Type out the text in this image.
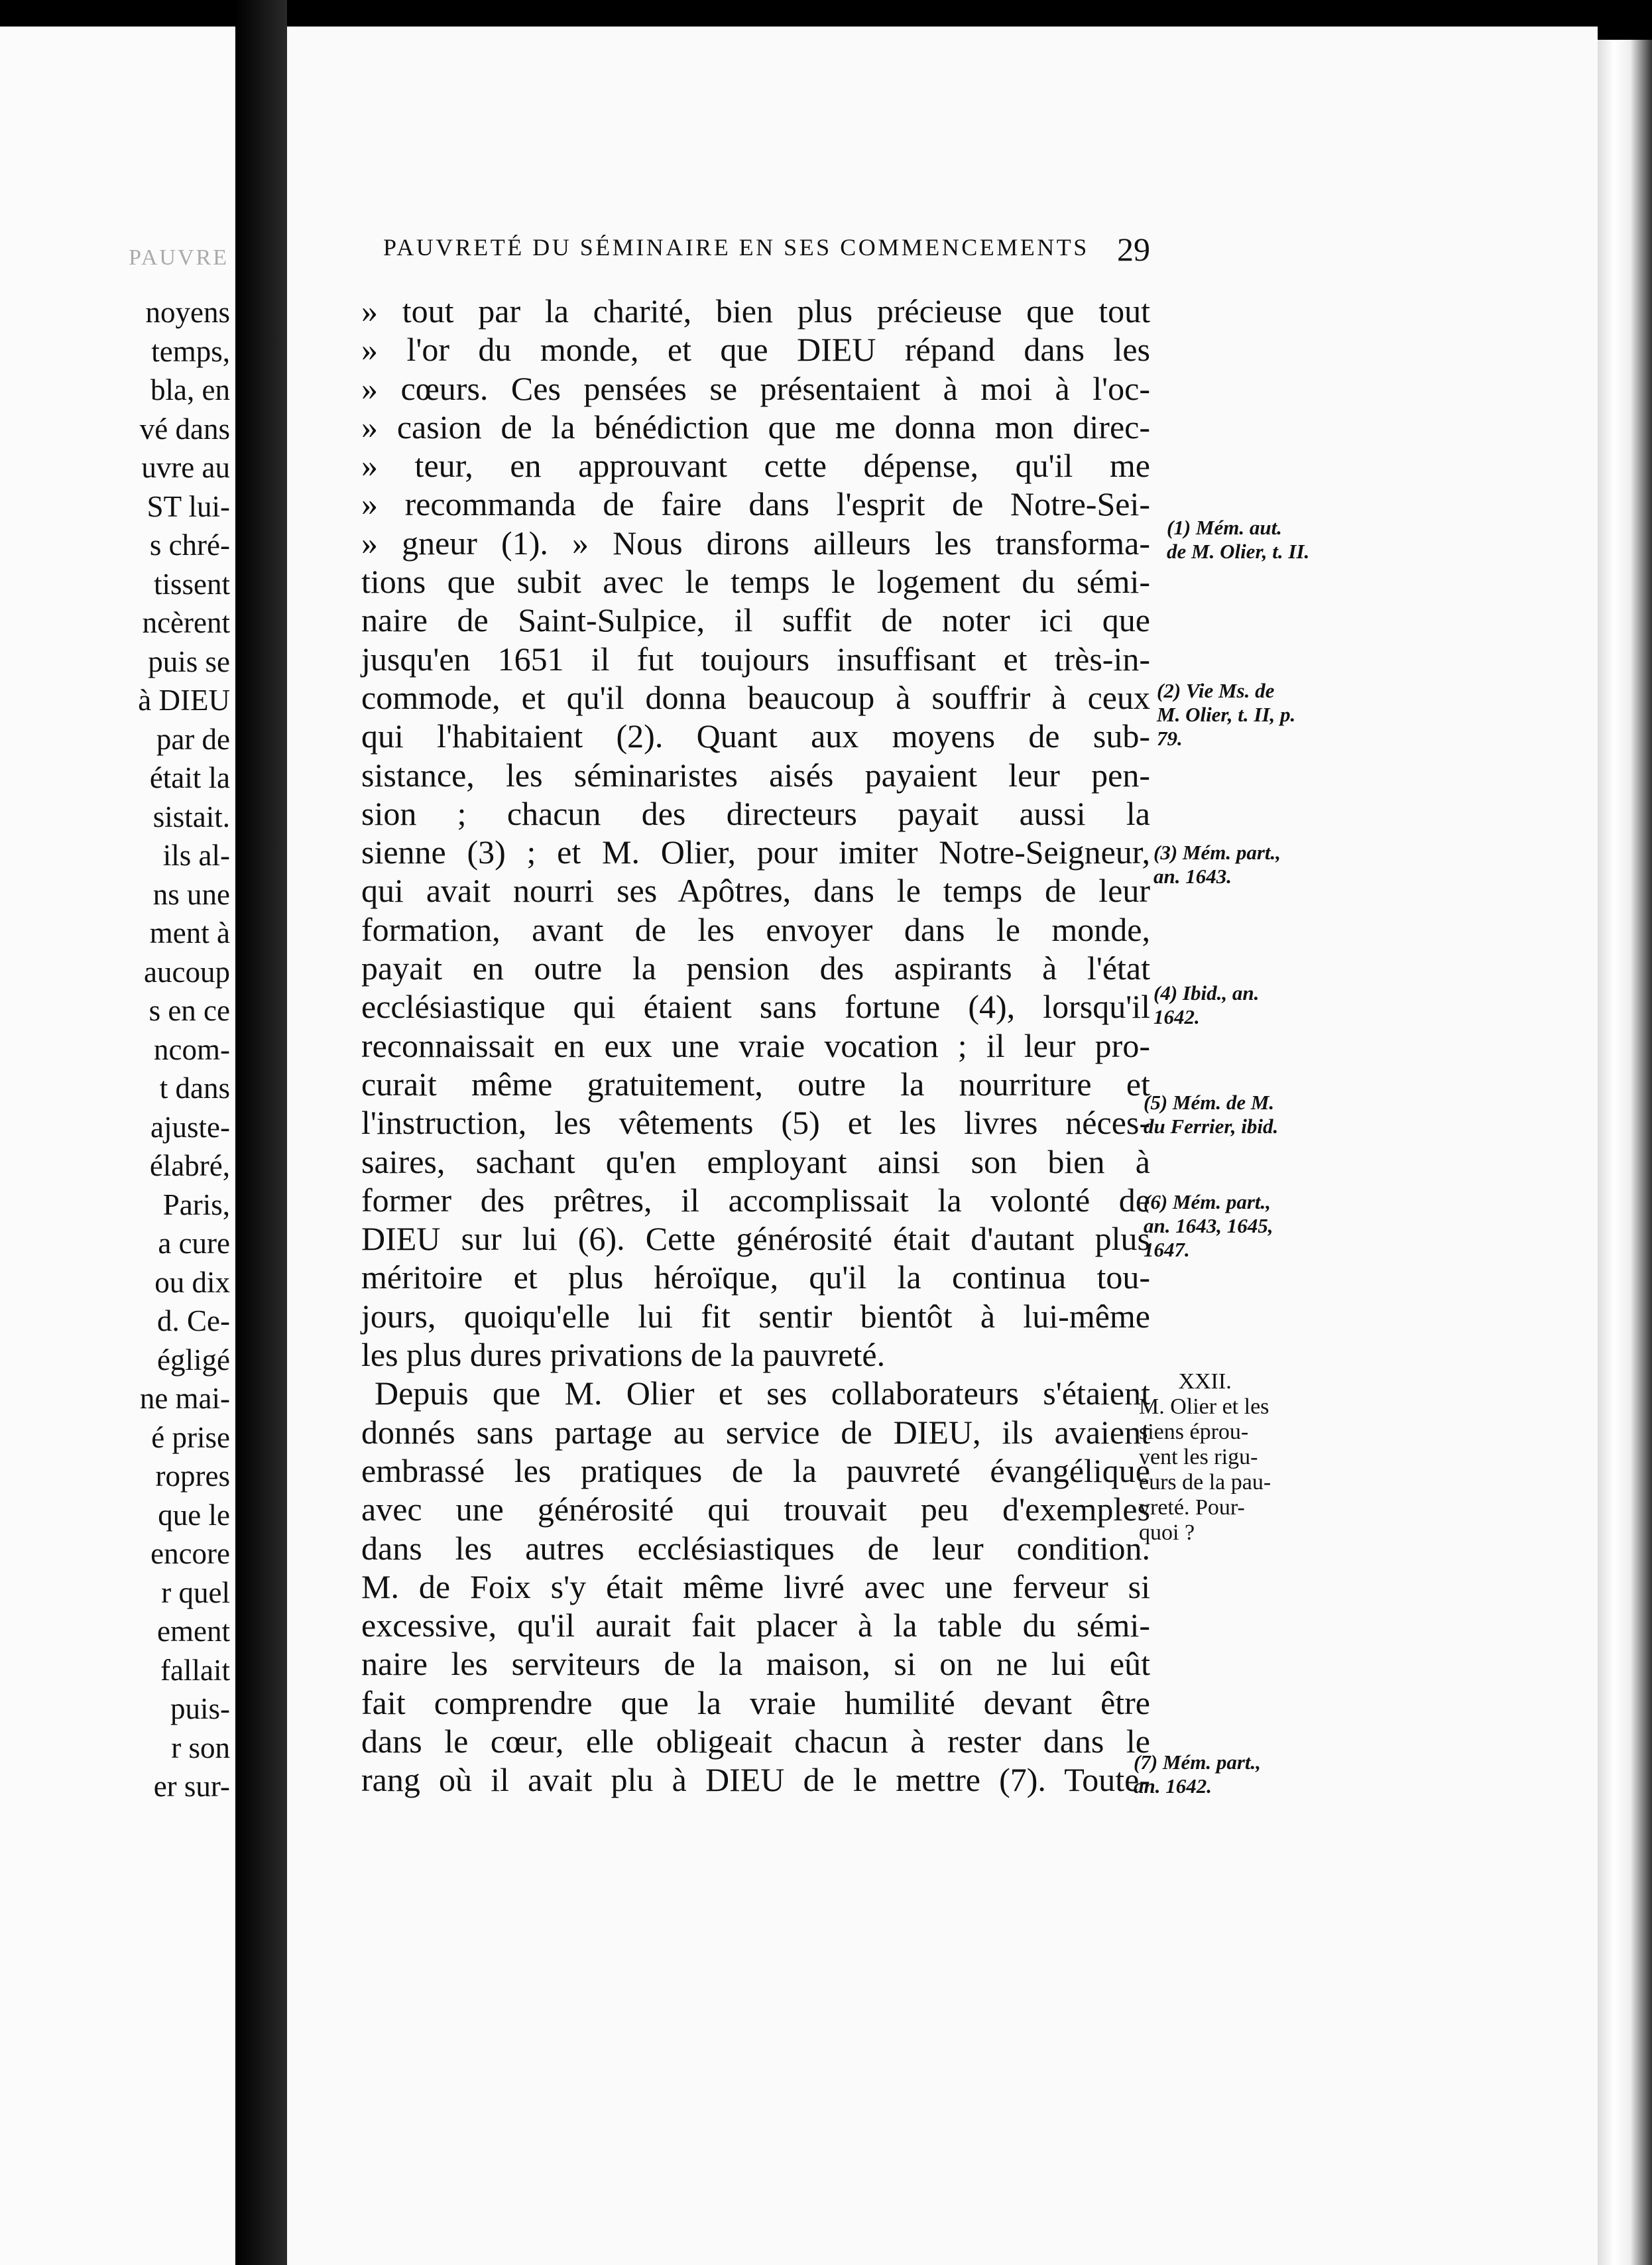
PAUVRE
noyens
temps,
bla, en
vé dans
uvre au
ST lui-
s chré-
tissent
ncèrent
puis se
à DIEU
par de
était la
sistait.
ils al-
ns une
ment à
aucoup
s en ce
ncom-
t dans
ajuste-
élabré,
Paris,
a cure
ou dix
d. Ce-
égligé
ne mai-
é prise
ropres
que le
encore
r quel
ement
fallait
puis-
r son
er sur-
PAUVRETÉ DU SÉMINAIRE EN SES COMMENCEMENTS 29
» tout par la charité, bien plus précieuse que tout
» l'or du monde, et que DIEU répand dans les
» cœurs. Ces pensées se présentaient à moi à l'oc-
» casion de la bénédiction que me donna mon direc-
» teur, en approuvant cette dépense, qu'il me
» recommanda de faire dans l'esprit de Notre-Sei-
» gneur (1). » Nous dirons ailleurs les transforma-
tions que subit avec le temps le logement du sémi-
naire de Saint-Sulpice, il suffit de noter ici que
jusqu'en 1651 il fut toujours insuffisant et très-in-
commode, et qu'il donna beaucoup à souffrir à ceux
qui l'habitaient (2). Quant aux moyens de sub-
sistance, les séminaristes aisés payaient leur pen-
sion ; chacun des directeurs payait aussi la
sienne (3) ; et M. Olier, pour imiter Notre-Seigneur,
qui avait nourri ses Apôtres, dans le temps de leur
formation, avant de les envoyer dans le monde,
payait en outre la pension des aspirants à l'état
ecclésiastique qui étaient sans fortune (4), lorsqu'il
reconnaissait en eux une vraie vocation ; il leur pro-
curait même gratuitement, outre la nourriture et
l'instruction, les vêtements (5) et les livres néces-
saires, sachant qu'en employant ainsi son bien à
former des prêtres, il accomplissait la volonté de
DIEU sur lui (6). Cette générosité était d'autant plus
méritoire et plus héroïque, qu'il la continua tou-
jours, quoiqu'elle lui fit sentir bientôt à lui-même
les plus dures privations de la pauvreté.
Depuis que M. Olier et ses collaborateurs s'étaient
donnés sans partage au service de DIEU, ils avaient
embrassé les pratiques de la pauvreté évangélique
avec une générosité qui trouvait peu d'exemples
dans les autres ecclésiastiques de leur condition.
M. de Foix s'y était même livré avec une ferveur si
excessive, qu'il aurait fait placer à la table du sémi-
naire les serviteurs de la maison, si on ne lui eût
fait comprendre que la vraie humilité devant être
dans le cœur, elle obligeait chacun à rester dans le
rang où il avait plu à DIEU de le mettre (7). Toute-
(1) Mém. aut.
de M. Olier, t. II.
(2) Vie Ms. de
M. Olier, t. II, p.
79.
(3) Mém. part.,
an. 1643.
(4) Ibid., an.
1642.
(5) Mém. de M.
du Ferrier, ibid.
(6) Mém. part.,
an. 1643, 1645,
1647.
(7) Mém. part.,
an. 1642.
XXII.
M. Olier et les
siens éprou-
vent les rigu-
eurs de la pau-
vreté. Pour-
quoi ?
